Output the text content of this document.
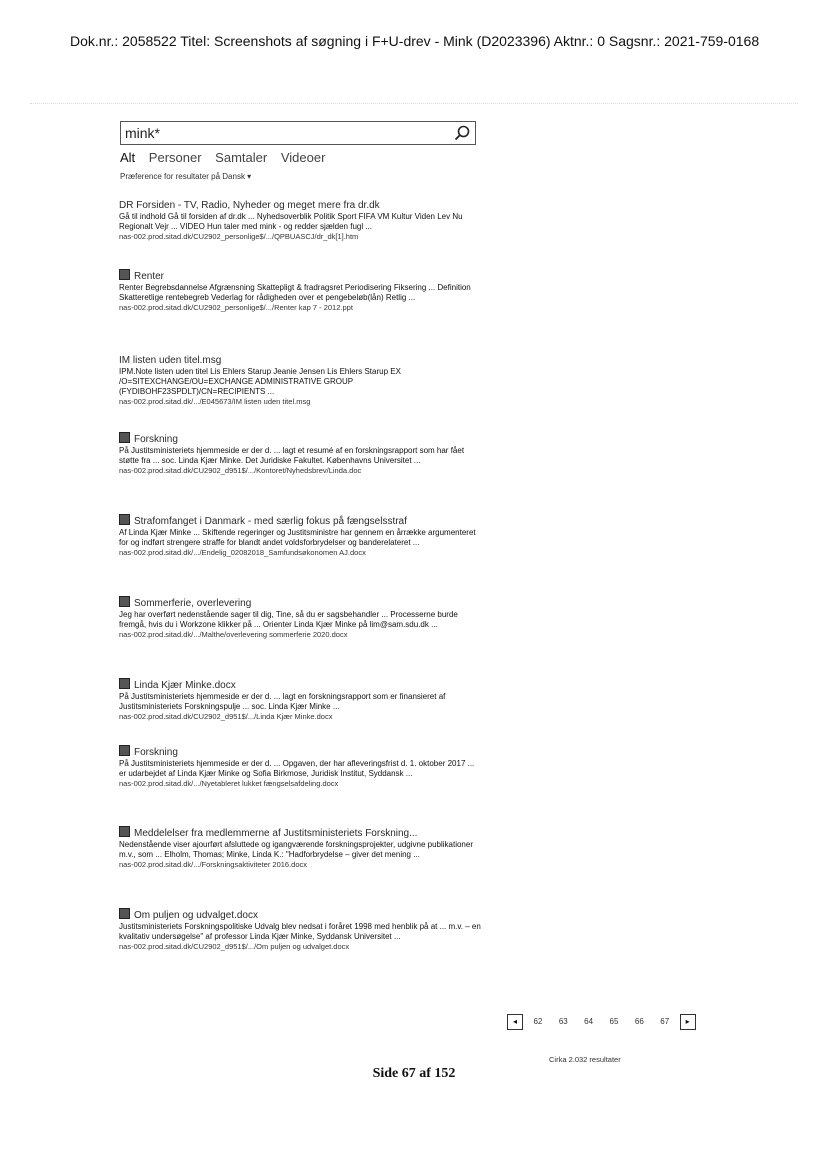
Dok.nr.: 2058522 Titel: Screenshots af søgning i F+U-drev - Mink (D2023396) Aktnr.: 0 Sagsnr.: 2021-759-0168
mink*
Alt Personer Samtaler Videoer
Præference for resultater på Dansk ▾
DR Forsiden - TV, Radio, Nyheder og meget mere fra dr.dk
Gå til indhold Gå til forsiden af dr.dk ... Nyhedsoverblik Politik Sport FIFA VM Kultur Viden Lev Nu Regionalt Vejr ... VIDEO Hun taler med mink - og redder sjælden fugl ...
nas-002.prod.sitad.dk/CU2902_personlige$/.../QPBUASCJ/dr_dk[1].htm
Renter
Renter Begrebsdannelse Afgrænsning Skattepligt & fradragsret Periodisering Fiksering ... Definition Skatteretlige rentebegreb Vederlag for rådigheden over et pengebeløb(lån) Retlig ...
nas-002.prod.sitad.dk/CU2902_personlige$/.../Renter kap 7 - 2012.ppt
IM listen uden titel.msg
IPM.Note listen uden titel Lis Ehlers Starup Jeanie Jensen Lis Ehlers Starup EX /O=SITEXCHANGE/OU=EXCHANGE ADMINISTRATIVE GROUP (FYDIBOHF23SPDLT)/CN=RECIPIENTS ...
nas-002.prod.sitad.dk/.../E045673/IM listen uden titel.msg
Forskning
På Justitsministeriets hjemmeside er der d. ... lagt et resumé af en forskningsrapport som har fået støtte fra ... soc. Linda Kjær Minke. Det Juridiske Fakultet. Københavns Universitet ...
nas-002.prod.sitad.dk/CU2902_d951$/.../Kontoret/Nyhedsbrev/Linda.doc
Strafomfanget i Danmark - med særlig fokus på fængselsstraf
Af Linda Kjær Minke ... Skiftende regeringer og Justitsministre har gennem en årrække argumenteret for og indført strengere straffe for blandt andet voldsforbrydelser og banderelateret ...
nas-002.prod.sitad.dk/.../Endelig_02082018_Samfundsøkonomen AJ.docx
Sommerferie, overlevering
Jeg har overført nedenstående sager til dig, Tine, så du er sagsbehandler ... Processerne burde fremgå, hvis du i Workzone klikker på ... Orienter Linda Kjær Minke på lim@sam.sdu.dk ...
nas-002.prod.sitad.dk/.../Malthe/overlevering sommerferie 2020.docx
Linda Kjær Minke.docx
På Justitsministeriets hjemmeside er der d. ... lagt en forskningsrapport som er finansieret af Justitsministeriets Forskningspulje ... soc. Linda Kjær Minke ...
nas-002.prod.sitad.dk/CU2902_d951$/.../Linda Kjær Minke.docx
Forskning
På Justitsministeriets hjemmeside er der d. ... Opgaven, der har afleveringsfrist d. 1. oktober 2017 ... er udarbejdet af Linda Kjær Minke og Sofia Birkmose, Juridisk Institut, Syddansk ...
nas-002.prod.sitad.dk/.../Nyetableret lukket fængselsafdeling.docx
Meddelelser fra medlemmerne af Justitsministeriets Forskning...
Nedenstående viser ajourført afsluttede og igangværende forskningsprojekter, udgivne publikationer m.v., som ... Elholm, Thomas; Minke, Linda K.: "Hadforbrydelse – giver det mening ...
nas-002.prod.sitad.dk/.../Forskningsaktiviteter 2016.docx
Om puljen og udvalget.docx
Justitsministeriets Forskningspolitiske Udvalg blev nedsat i foråret 1998 med henblik på at ... m.v. – en kvalitativ undersøgelse" af professor Linda Kjær Minke, Syddansk Universitet ...
nas-002.prod.sitad.dk/CU2902_d951$/.../Om puljen og udvalget.docx
◂ 62 63 64 65 66 67 ▸
Cirka 2.032 resultater
Side 67 af 152
